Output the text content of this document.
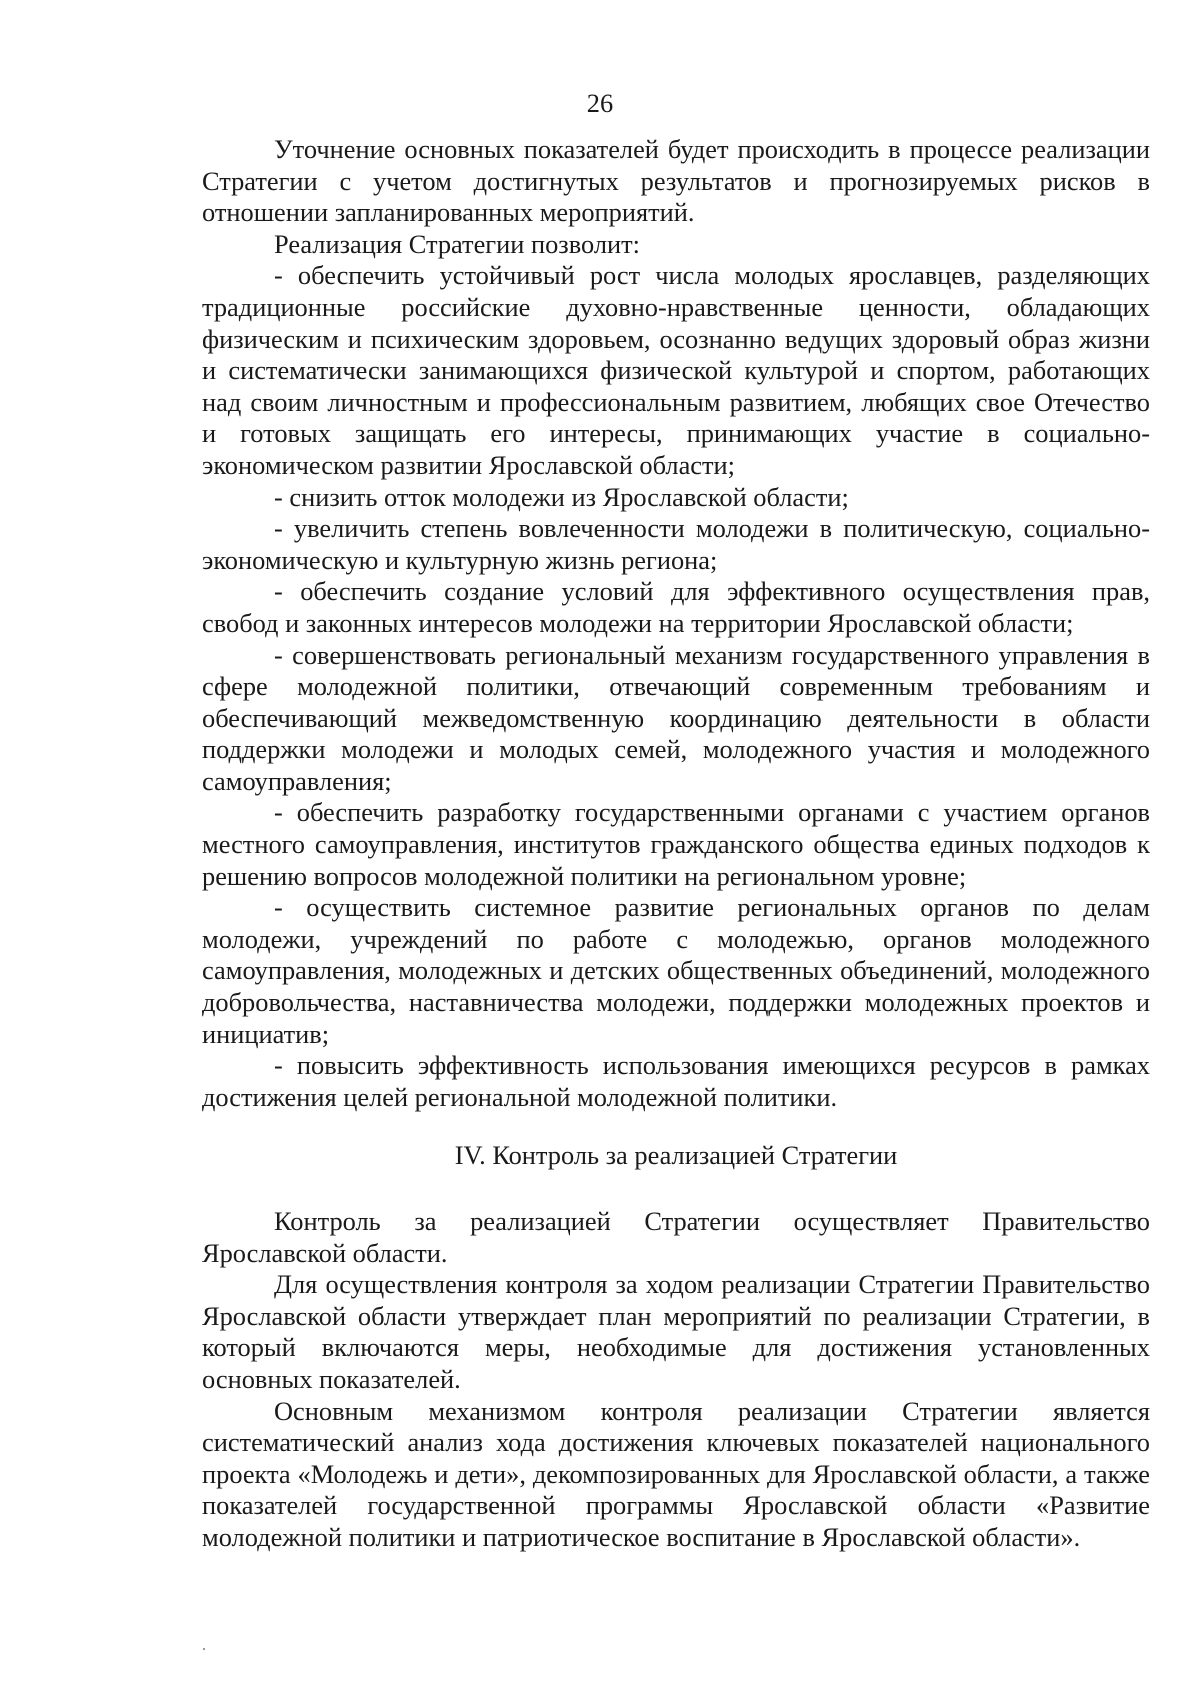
26

Уточнение основных показателей будет происходить в процессе реализации Стратегии с учетом достигнутых результатов и прогнозируемых рисков в отношении запланированных мероприятий.

Реализация Стратегии позволит:

- обеспечить устойчивый рост числа молодых ярославцев, разделяющих традиционные российские духовно-нравственные ценности, обладающих физическим и психическим здоровьем, осознанно ведущих здоровый образ жизни и систематически занимающихся физической культурой и спортом, работающих над своим личностным и профессиональным развитием, любящих свое Отечество и готовых защищать его интересы, принимающих участие в социально-экономическом развитии Ярославской области;

- снизить отток молодежи из Ярославской области;

- увеличить степень вовлеченности молодежи в политическую, социально-экономическую и культурную жизнь региона;

- обеспечить создание условий для эффективного осуществления прав, свобод и законных интересов молодежи на территории Ярославской области;

- совершенствовать региональный механизм государственного управления в сфере молодежной политики, отвечающий современным требованиям и обеспечивающий межведомственную координацию деятельности в области поддержки молодежи и молодых семей, молодежного участия и молодежного самоуправления;

- обеспечить разработку государственными органами с участием органов местного самоуправления, институтов гражданского общества единых подходов к решению вопросов молодежной политики на региональном уровне;

- осуществить системное развитие региональных органов по делам молодежи, учреждений по работе с молодежью, органов молодежного самоуправления, молодежных и детских общественных объединений, молодежного добровольчества, наставничества молодежи, поддержки молодежных проектов и инициатив;

- повысить эффективность использования имеющихся ресурсов в рамках достижения целей региональной молодежной политики.

IV. Контроль за реализацией Стратегии

Контроль за реализацией Стратегии осуществляет Правительство Ярославской области.

Для осуществления контроля за ходом реализации Стратегии Правительство Ярославской области утверждает план мероприятий по реализации Стратегии, в который включаются меры, необходимые для достижения установленных основных показателей.

Основным механизмом контроля реализации Стратегии является систематический анализ хода достижения ключевых показателей национального проекта «Молодежь и дети», декомпозированных для Ярославской области, а также показателей государственной программы Ярославской области «Развитие молодежной политики и патриотическое воспитание в Ярославской области».
